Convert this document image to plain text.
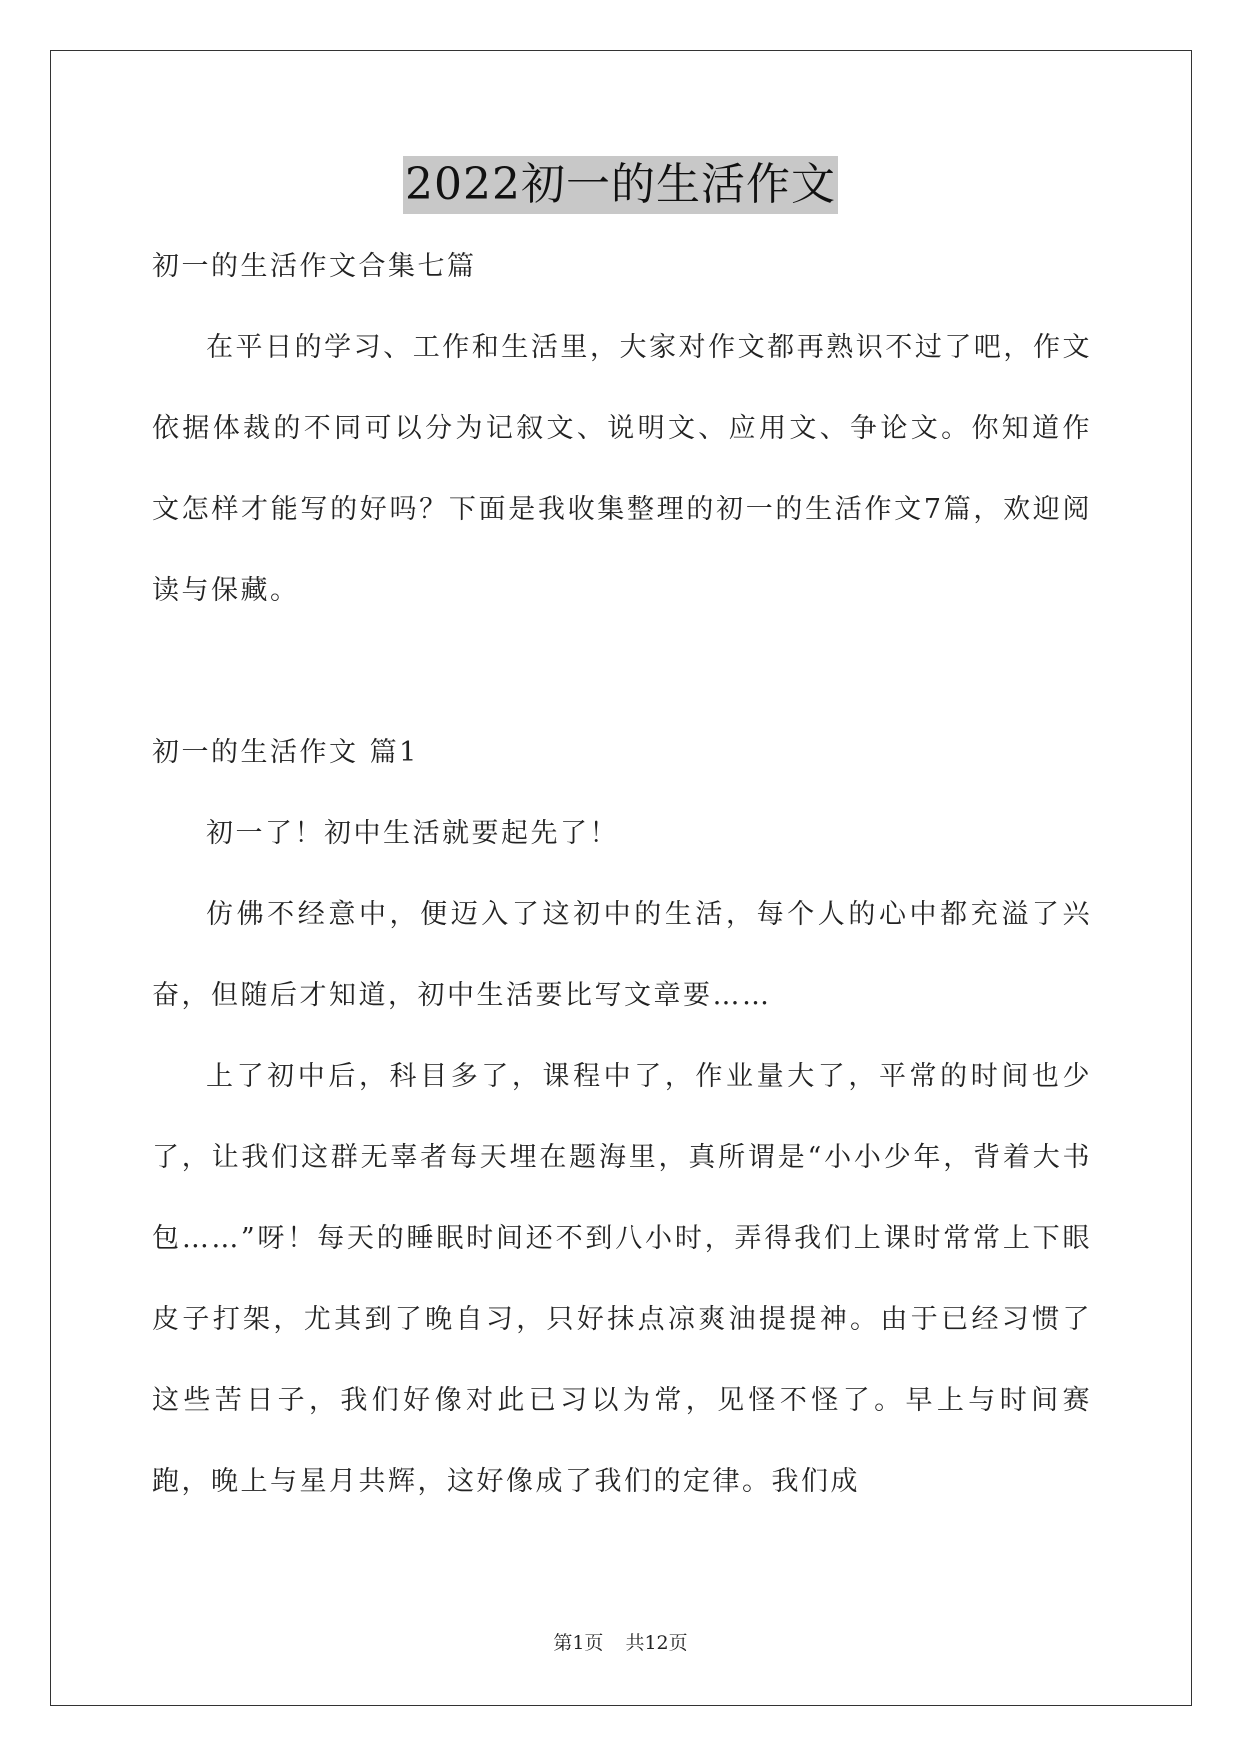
2022初一的生活作文

初一的生活作文合集七篇

在平日的学习、工作和生活里，大家对作文都再熟识不过了吧，作文依据体裁的不同可以分为记叙文、说明文、应用文、争论文。你知道作文怎样才能写的好吗？下面是我收集整理的初一的生活作文7篇，欢迎阅读与保藏。

初一的生活作文 篇1

初一了！初中生活就要起先了！

仿佛不经意中，便迈入了这初中的生活，每个人的心中都充溢了兴奋，但随后才知道，初中生活要比写文章要……

上了初中后，科目多了，课程中了，作业量大了，平常的时间也少了，让我们这群无辜者每天埋在题海里，真所谓是“小小少年，背着大书包……”呀！每天的睡眠时间还不到八小时，弄得我们上课时常常上下眼皮子打架，尤其到了晚自习，只好抹点凉爽油提提神。由于已经习惯了这些苦日子，我们好像对此已习以为常，见怪不怪了。早上与时间赛跑，晚上与星月共辉，这好像成了我们的定律。我们成

第1页 共12页
